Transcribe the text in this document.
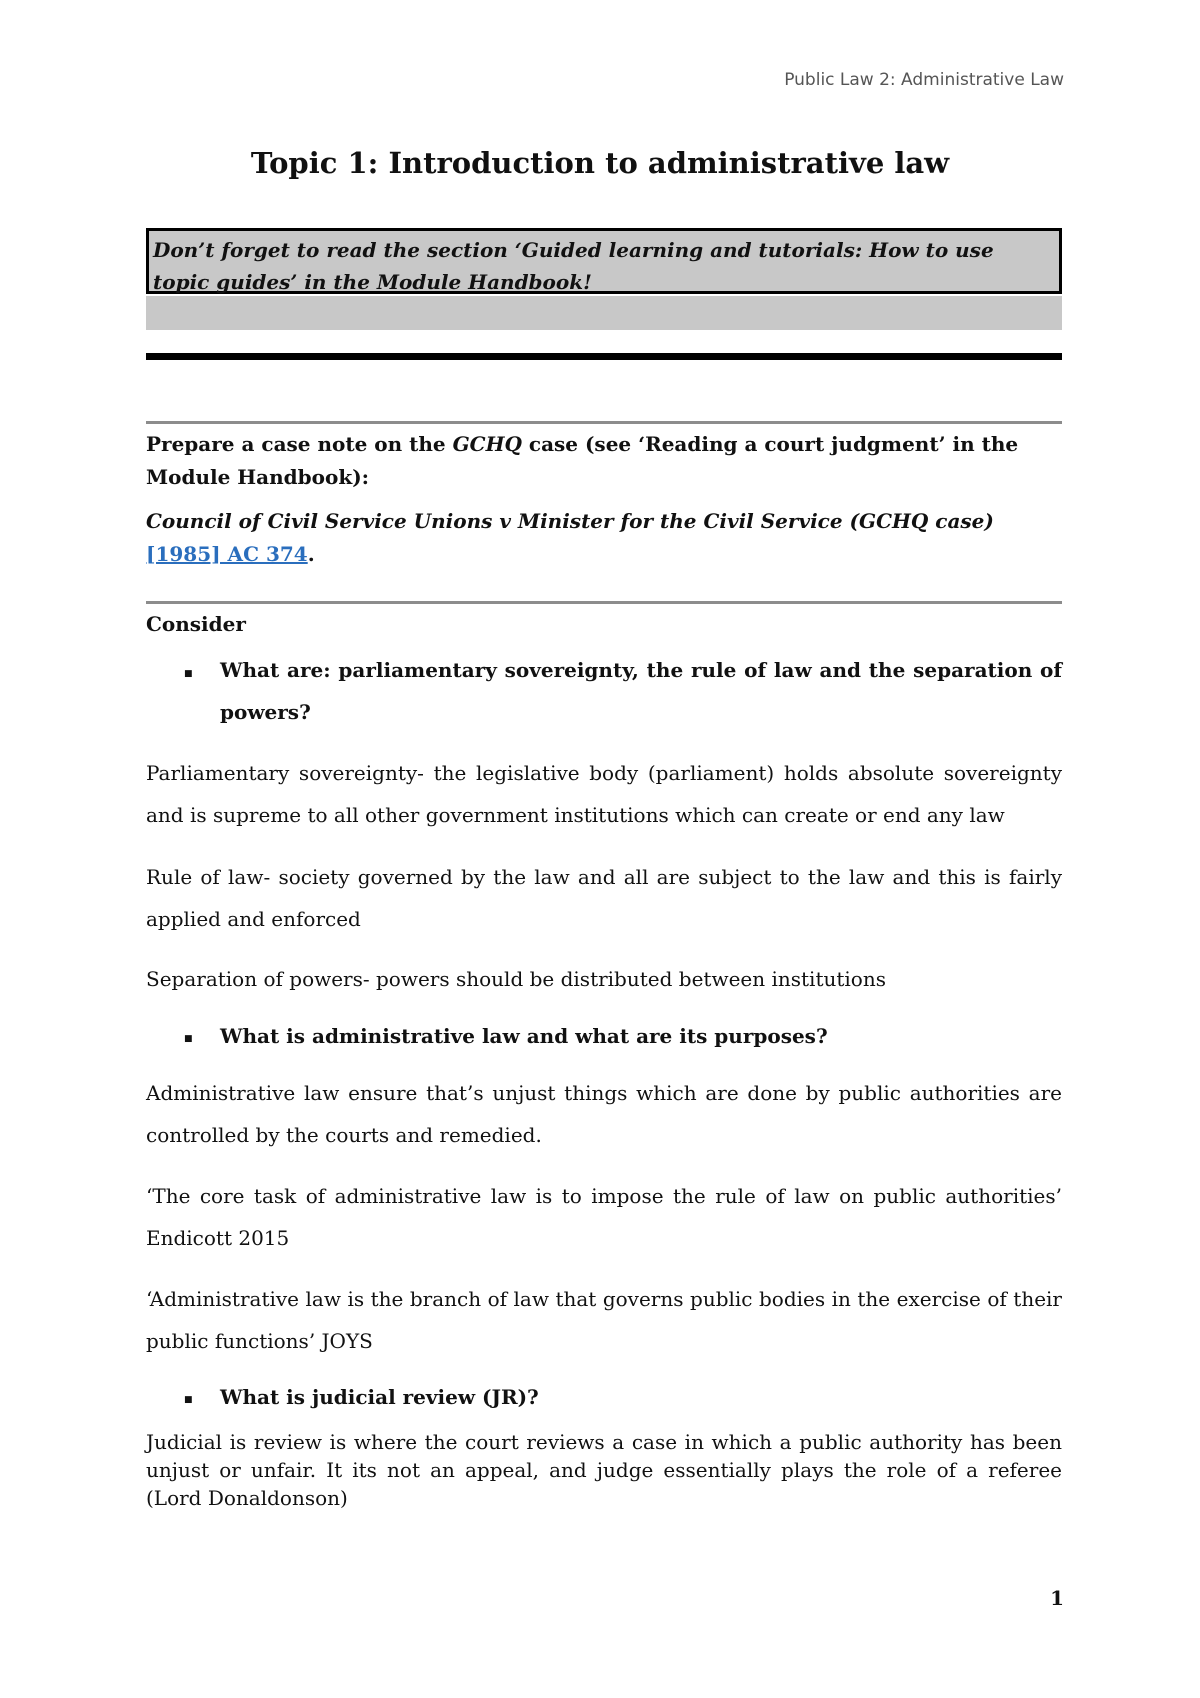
Public Law 2: Administrative Law
Topic 1: Introduction to administrative law
Don’t forget to read the section ‘Guided learning and tutorials: How to use topic guides’ in the Module Handbook!
Prepare a case note on the GCHQ case (see ‘Reading a court judgment’ in the Module Handbook):
Council of Civil Service Unions v Minister for the Civil Service (GCHQ case) [1985] AC 374.
Consider
■ What are: parliamentary sovereignty, the rule of law and the separation of powers?
Parliamentary sovereignty- the legislative body (parliament) holds absolute sovereignty and is supreme to all other government institutions which can create or end any law
Rule of law- society governed by the law and all are subject to the law and this is fairly applied and enforced
Separation of powers- powers should be distributed between institutions
■ What is administrative law and what are its purposes?
Administrative law ensure that’s unjust things which are done by public authorities are controlled by the courts and remedied.
‘The core task of administrative law is to impose the rule of law on public authorities’ Endicott 2015
‘Administrative law is the branch of law that governs public bodies in the exercise of their public functions’ JOYS
■ What is judicial review (JR)?
Judicial is review is where the court reviews a case in which a public authority has been unjust or unfair. It its not an appeal, and judge essentially plays the role of a referee (Lord Donaldonson)
1
